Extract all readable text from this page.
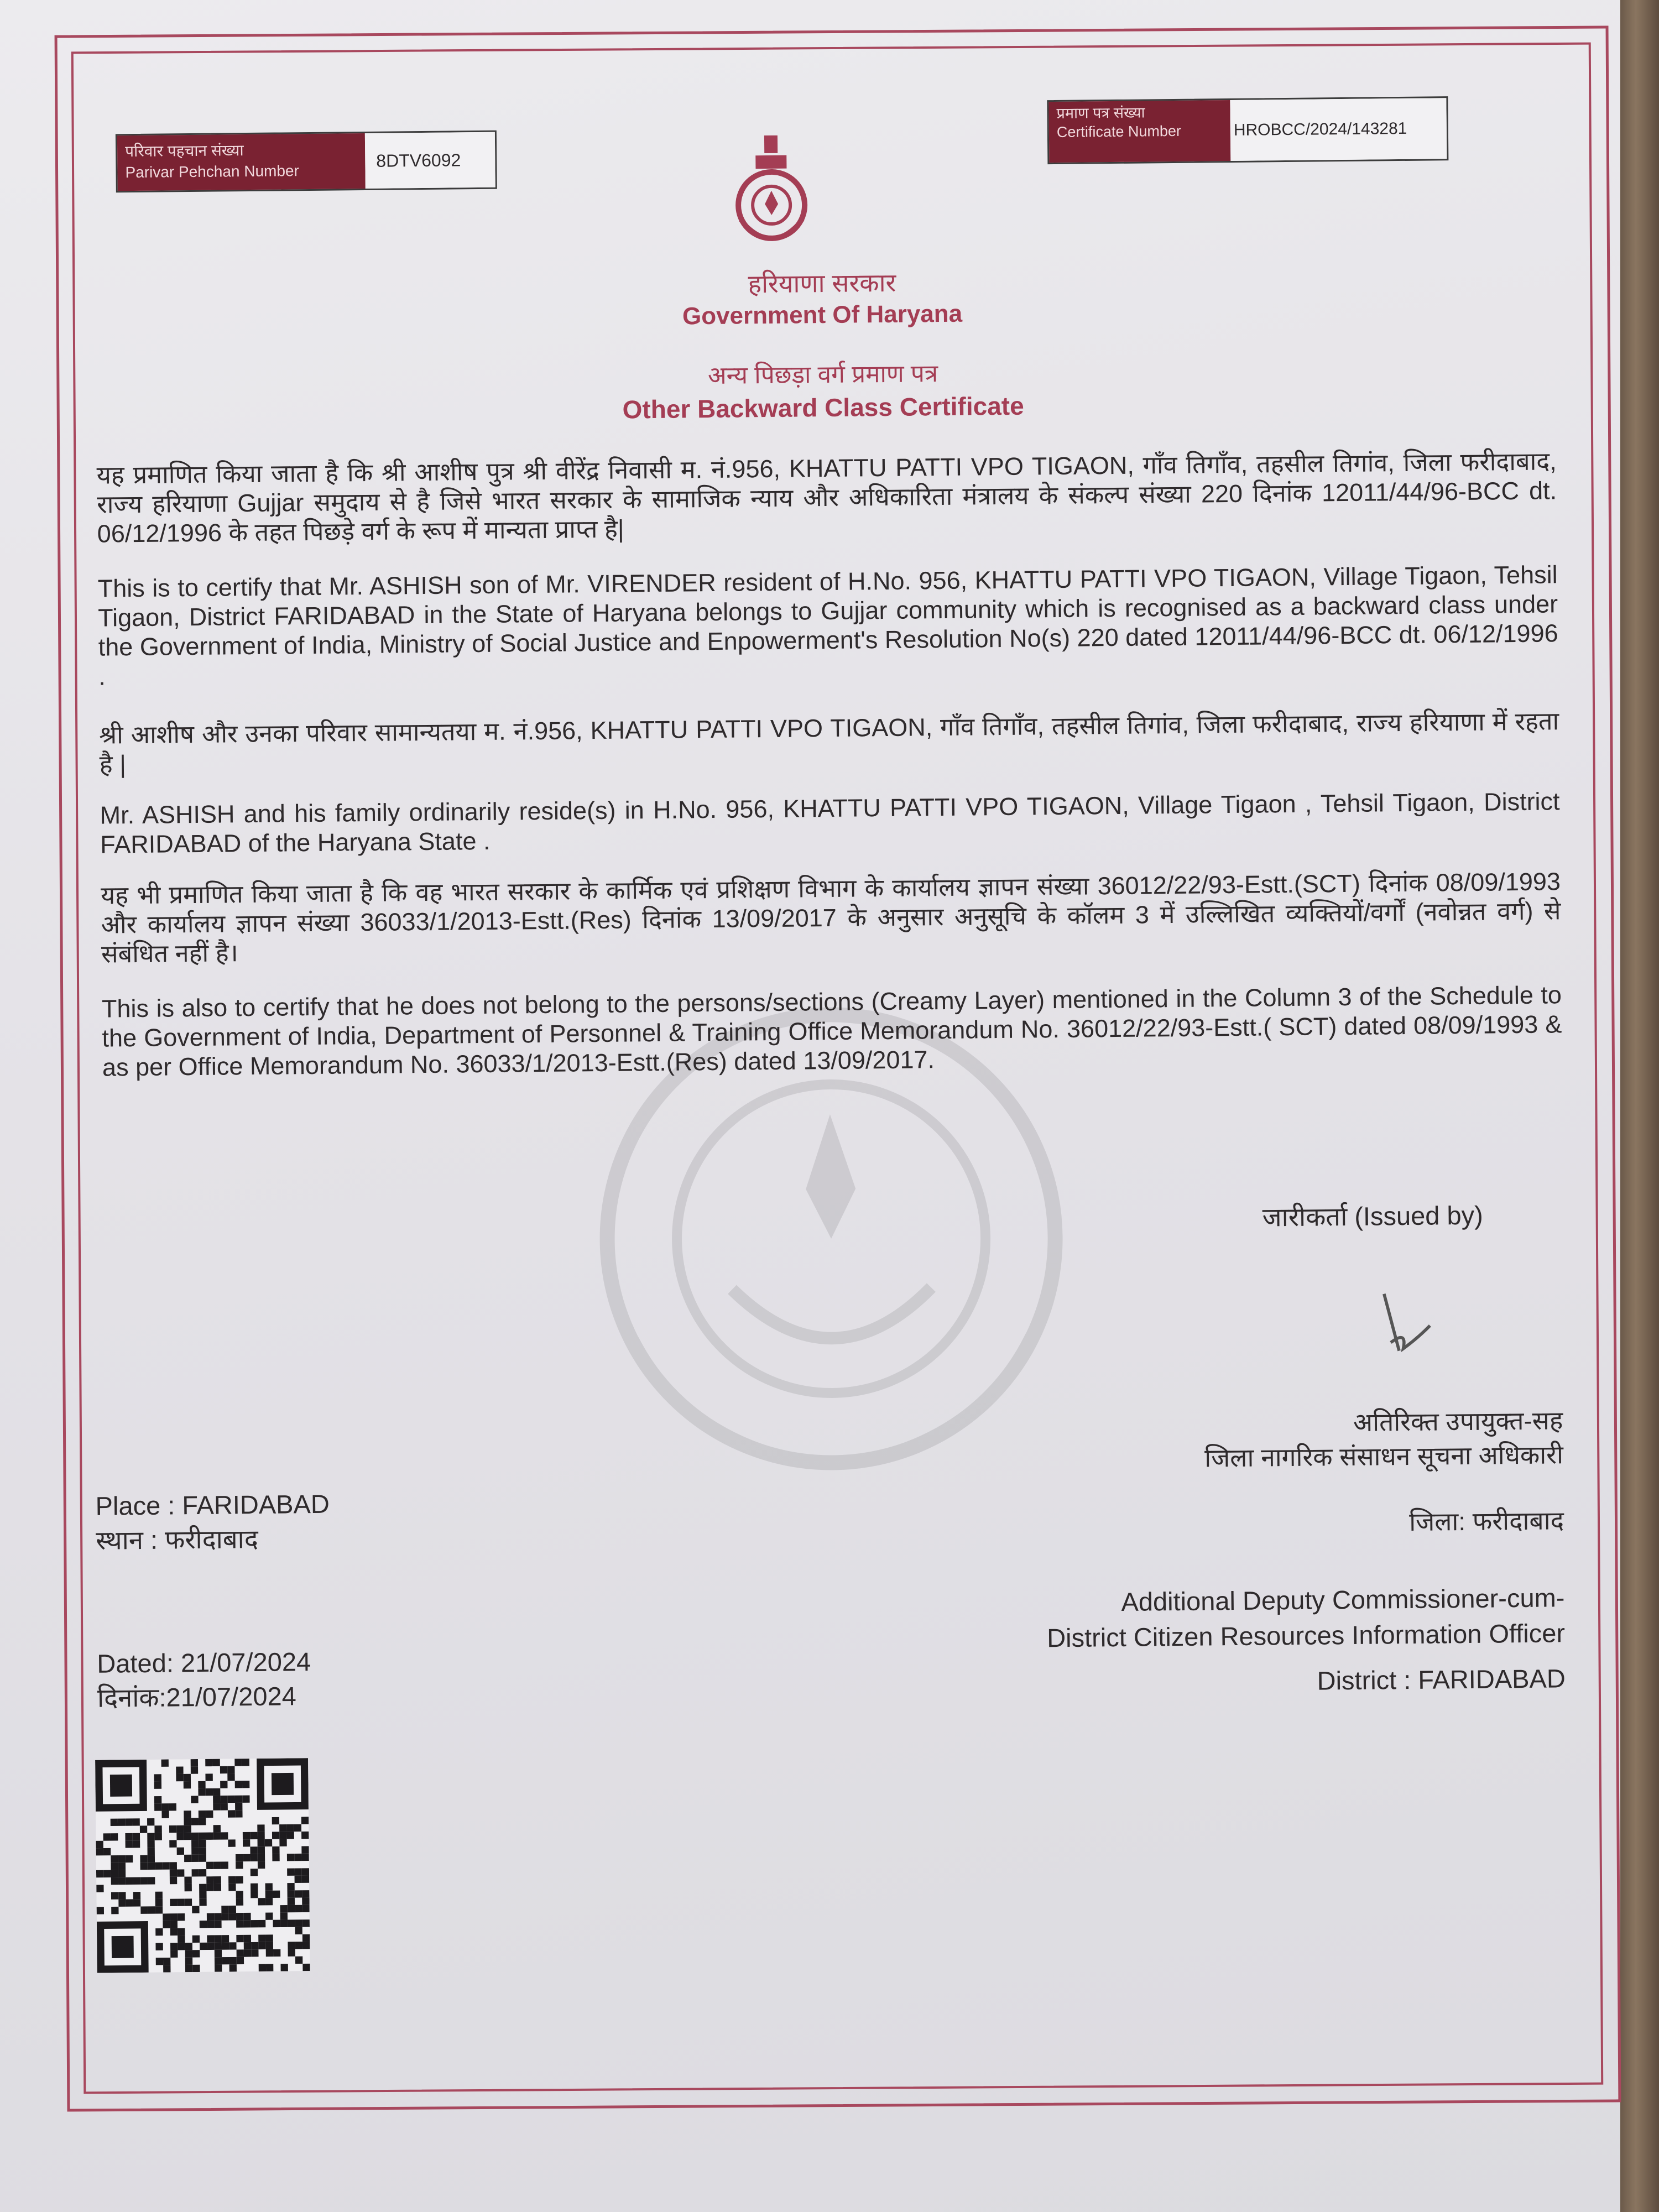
परिवार पहचान संख्या
Parivar Pehchan Number
8DTV6092
प्रमाण पत्र संख्या
Certificate Number	HROBCC/2024/143281
हरियाणा सरकार
Government Of Haryana
अन्य पिछड़ा वर्ग प्रमाण पत्र
Other Backward Class Certificate
यह प्रमाणित किया जाता है कि श्री आशीष पुत्र श्री वीरेंद्र निवासी म. नं.956, KHATTU PATTI VPO TIGAON, गाँव तिगाँव, तहसील तिगांव, जिला फरीदाबाद, राज्य हरियाणा Gujjar समुदाय से है जिसे भारत सरकार के सामाजिक न्याय और अधिकारिता मंत्रालय के संकल्प संख्या 220 दिनांक 12011/44/96-BCC dt. 06/12/1996 के तहत पिछड़े वर्ग के रूप में मान्यता प्राप्त है|
This is to certify that Mr. ASHISH son of Mr. VIRENDER resident of H.No. 956, KHATTU PATTI VPO TIGAON, Village Tigaon, Tehsil Tigaon, District FARIDABAD in the State of Haryana belongs to Gujjar community which is recognised as a backward class under the Government of India, Ministry of Social Justice and Enpowerment's Resolution No(s) 220 dated 12011/44/96-BCC dt. 06/12/1996 .
श्री आशीष और उनका परिवार सामान्यतया म. नं.956, KHATTU PATTI VPO TIGAON, गाँव तिगाँव, तहसील तिगांव, जिला फरीदाबाद, राज्य हरियाणा में रहता है |
Mr. ASHISH and his family ordinarily reside(s) in H.No. 956, KHATTU PATTI VPO TIGAON, Village Tigaon , Tehsil Tigaon, District FARIDABAD of the Haryana State .
यह भी प्रमाणित किया जाता है कि वह भारत सरकार के कार्मिक एवं प्रशिक्षण विभाग के कार्यालय ज्ञापन संख्या 36012/22/93-Estt.(SCT) दिनांक 08/09/1993 और कार्यालय ज्ञापन संख्या 36033/1/2013-Estt.(Res) दिनांक 13/09/2017 के अनुसार अनुसूचि के कॉलम 3 में उल्लिखित व्यक्तियों/वर्गों (नवोन्नत वर्ग) से संबंधित नहीं है।
This is also to certify that he does not belong to the persons/sections (Creamy Layer) mentioned in the Column 3 of the Schedule to the Government of India, Department of Personnel & Training Office Memorandum No. 36012/22/93-Estt.( SCT) dated 08/09/1993 & as per Office Memorandum No. 36033/1/2013-Estt.(Res) dated 13/09/2017.
जारीकर्ता (Issued by)
अतिरिक्त उपायुक्त-सह
जिला नागरिक संसाधन सूचना अधिकारी
जिला: फरीदाबाद
Additional Deputy Commissioner-cum-
District Citizen Resources Information Officer
District : FARIDABAD
Place : FARIDABAD
स्थान : फरीदाबाद
Dated: 21/07/2024
दिनांक:21/07/2024
